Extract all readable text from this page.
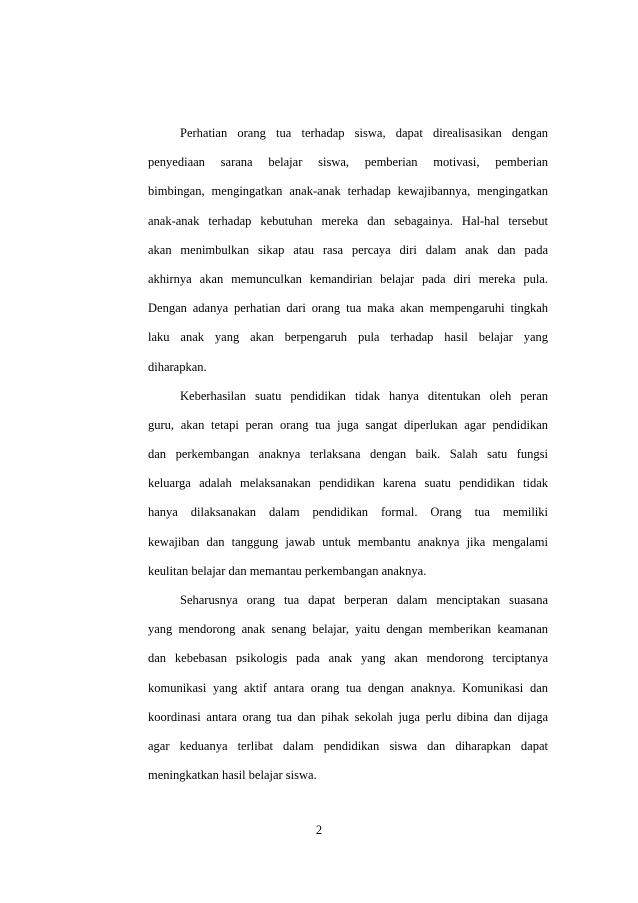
Perhatian orang tua terhadap siswa, dapat direalisasikan dengan
penyediaan sarana belajar siswa, pemberian motivasi, pemberian
bimbingan, mengingatkan anak-anak terhadap kewajibannya, mengingatkan
anak-anak terhadap kebutuhan mereka dan sebagainya. Hal-hal tersebut
akan menimbulkan sikap atau rasa percaya diri dalam anak dan pada
akhirnya akan memunculkan kemandirian belajar pada diri mereka pula.
Dengan adanya perhatian dari orang tua maka akan mempengaruhi tingkah
laku anak yang akan berpengaruh pula terhadap hasil belajar yang
diharapkan.
Keberhasilan suatu pendidikan tidak hanya ditentukan oleh peran
guru, akan tetapi peran orang tua juga sangat diperlukan agar pendidikan
dan perkembangan anaknya terlaksana dengan baik. Salah satu fungsi
keluarga adalah melaksanakan pendidikan karena suatu pendidikan tidak
hanya dilaksanakan dalam pendidikan formal. Orang tua memiliki
kewajiban dan tanggung jawab untuk membantu anaknya jika mengalami
keulitan belajar dan memantau perkembangan anaknya.
Seharusnya orang tua dapat berperan dalam menciptakan suasana
yang mendorong anak senang belajar, yaitu dengan memberikan keamanan
dan kebebasan psikologis pada anak yang akan mendorong terciptanya
komunikasi yang aktif antara orang tua dengan anaknya. Komunikasi dan
koordinasi antara orang tua dan pihak sekolah juga perlu dibina dan dijaga
agar keduanya terlibat dalam pendidikan siswa dan diharapkan dapat
meningkatkan hasil belajar siswa.
2
